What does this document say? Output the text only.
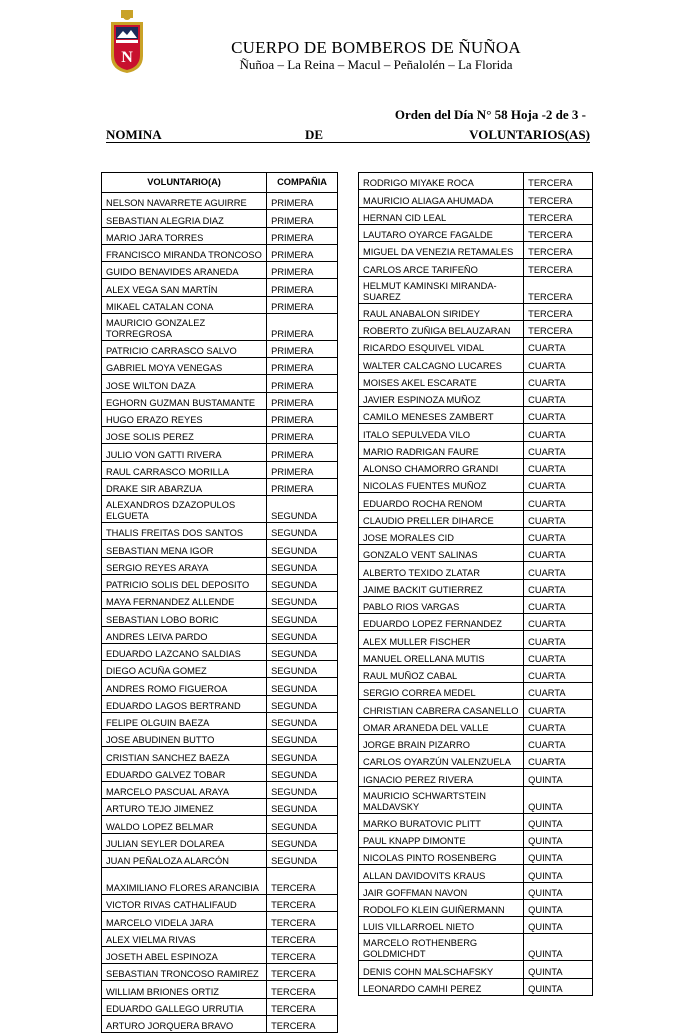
N
CUERPO DE BOMBEROS DE ÑUÑOA
Ñuñoa – La Reina – Macul – Peñalolén – La Florida
Orden del Día N° 58 Hoja -2 de 3 -
NOMINA	DE	VOLUNTARIOS(AS)
VOLUNTARIO(A)	COMPAÑIA
NELSON NAVARRETE AGUIRRE	PRIMERA
SEBASTIAN ALEGRIA DIAZ	PRIMERA
MARIO JARA TORRES	PRIMERA
FRANCISCO MIRANDA TRONCOSO	PRIMERA
GUIDO BENAVIDES ARANEDA	PRIMERA
ALEX VEGA SAN MARTÍN	PRIMERA
MIKAEL CATALAN CONA	PRIMERA
MAURICIO GONZALEZ TORREGROSA	PRIMERA
PATRICIO CARRASCO SALVO	PRIMERA
GABRIEL MOYA VENEGAS	PRIMERA
JOSE WILTON DAZA	PRIMERA
EGHORN GUZMAN BUSTAMANTE	PRIMERA
HUGO ERAZO REYES	PRIMERA
JOSE SOLIS PEREZ	PRIMERA
JULIO VON GATTI RIVERA	PRIMERA
RAUL CARRASCO MORILLA	PRIMERA
DRAKE SIR ABARZUA	PRIMERA
ALEXANDROS DZAZOPULOS ELGUETA	SEGUNDA
THALIS FREITAS DOS SANTOS	SEGUNDA
SEBASTIAN MENA IGOR	SEGUNDA
SERGIO REYES ARAYA	SEGUNDA
PATRICIO SOLIS DEL DEPOSITO	SEGUNDA
MAYA FERNANDEZ ALLENDE	SEGUNDA
SEBASTIAN LOBO BORIC	SEGUNDA
ANDRES LEIVA PARDO	SEGUNDA
EDUARDO LAZCANO SALDIAS	SEGUNDA
DIEGO ACUÑA GOMEZ	SEGUNDA
ANDRES ROMO FIGUEROA	SEGUNDA
EDUARDO LAGOS BERTRAND	SEGUNDA
FELIPE OLGUIN BAEZA	SEGUNDA
JOSE ABUDINEN BUTTO	SEGUNDA
CRISTIAN SANCHEZ BAEZA	SEGUNDA
EDUARDO GALVEZ TOBAR	SEGUNDA
MARCELO PASCUAL ARAYA	SEGUNDA
ARTURO TEJO JIMENEZ	SEGUNDA
WALDO LOPEZ BELMAR	SEGUNDA
JULIAN SEYLER DOLAREA	SEGUNDA
JUAN PEÑALOZA ALARCÓN	SEGUNDA
MAXIMILIANO FLORES ARANCIBIA	TERCERA
VICTOR RIVAS CATHALIFAUD	TERCERA
MARCELO VIDELA JARA	TERCERA
ALEX VIELMA RIVAS	TERCERA
JOSETH ABEL ESPINOZA	TERCERA
SEBASTIAN TRONCOSO RAMIREZ	TERCERA
WILLIAM BRIONES ORTIZ	TERCERA
EDUARDO GALLEGO URRUTIA	TERCERA
ARTURO JORQUERA BRAVO	TERCERA
RODRIGO MIYAKE ROCA	TERCERA
MAURICIO ALIAGA AHUMADA	TERCERA
HERNAN CID LEAL	TERCERA
LAUTARO OYARCE FAGALDE	TERCERA
MIGUEL DA VENEZIA RETAMALES	TERCERA
CARLOS ARCE TARIFEÑO	TERCERA
HELMUT KAMINSKI MIRANDA-SUAREZ	TERCERA
RAUL ANABALON SIRIDEY	TERCERA
ROBERTO ZUÑIGA BELAUZARAN	TERCERA
RICARDO ESQUIVEL VIDAL	CUARTA
WALTER CALCAGNO LUCARES	CUARTA
MOISES AKEL ESCARATE	CUARTA
JAVIER ESPINOZA MUÑOZ	CUARTA
CAMILO MENESES ZAMBERT	CUARTA
ITALO SEPULVEDA VILO	CUARTA
MARIO RADRIGAN FAURE	CUARTA
ALONSO CHAMORRO GRANDI	CUARTA
NICOLAS FUENTES MUÑOZ	CUARTA
EDUARDO ROCHA RENOM	CUARTA
CLAUDIO PRELLER DIHARCE	CUARTA
JOSE MORALES CID	CUARTA
GONZALO VENT SALINAS	CUARTA
ALBERTO TEXIDO ZLATAR	CUARTA
JAIME BACKIT GUTIERREZ	CUARTA
PABLO RIOS VARGAS	CUARTA
EDUARDO LOPEZ FERNANDEZ	CUARTA
ALEX MULLER FISCHER	CUARTA
MANUEL ORELLANA MUTIS	CUARTA
RAUL MUÑOZ CABAL	CUARTA
SERGIO CORREA MEDEL	CUARTA
CHRISTIAN CABRERA CASANELLO	CUARTA
OMAR ARANEDA DEL VALLE	CUARTA
JORGE BRAIN PIZARRO	CUARTA
CARLOS OYARZÚN VALENZUELA	CUARTA
IGNACIO PEREZ RIVERA	QUINTA
MAURICIO SCHWARTSTEIN MALDAVSKY	QUINTA
MARKO BURATOVIC PLITT	QUINTA
PAUL KNAPP DIMONTE	QUINTA
NICOLAS PINTO ROSENBERG	QUINTA
ALLAN DAVIDOVITS KRAUS	QUINTA
JAIR GOFFMAN NAVON	QUINTA
RODOLFO KLEIN GUIÑERMANN	QUINTA
LUIS VILLARROEL NIETO	QUINTA
MARCELO ROTHENBERG GOLDMICHDT	QUINTA
DENIS COHN MALSCHAFSKY	QUINTA
LEONARDO CAMHI PEREZ	QUINTA
